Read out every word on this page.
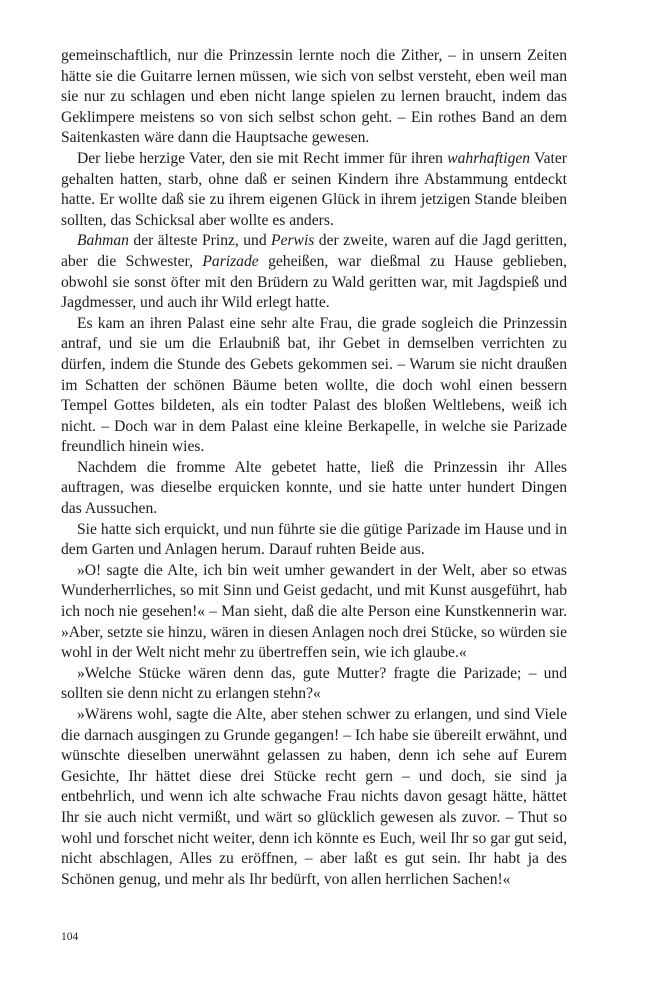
gemeinschaftlich, nur die Prinzessin lernte noch die Zither, – in unsern Zeiten hätte sie die Guitarre lernen müssen, wie sich von selbst versteht, eben weil man sie nur zu schlagen und eben nicht lange spielen zu lernen braucht, indem das Geklimpere meistens so von sich selbst schon geht. – Ein rothes Band an dem Saitenkasten wäre dann die Hauptsache gewesen.

Der liebe herzige Vater, den sie mit Recht immer für ihren wahrhaftigen Vater gehalten hatten, starb, ohne daß er seinen Kindern ihre Abstammung entdeckt hatte. Er wollte daß sie zu ihrem eigenen Glück in ihrem jetzigen Stande bleiben sollten, das Schicksal aber wollte es anders.

Bahman der älteste Prinz, und Perwis der zweite, waren auf die Jagd geritten, aber die Schwester, Parizade geheißen, war dießmal zu Hause geblieben, obwohl sie sonst öfter mit den Brüdern zu Wald geritten war, mit Jagdspieß und Jagdmesser, und auch ihr Wild erlegt hatte.

Es kam an ihren Palast eine sehr alte Frau, die grade sogleich die Prinzessin antraf, und sie um die Erlaubniß bat, ihr Gebet in demselben verrichten zu dürfen, indem die Stunde des Gebets gekommen sei. – Warum sie nicht draußen im Schatten der schönen Bäume beten wollte, die doch wohl einen bessern Tempel Gottes bildeten, als ein todter Palast des bloßen Weltlebens, weiß ich nicht. – Doch war in dem Palast eine kleine Berkapelle, in welche sie Parizade freundlich hinein wies.

Nachdem die fromme Alte gebetet hatte, ließ die Prinzessin ihr Alles auftragen, was dieselbe erquicken konnte, und sie hatte unter hundert Dingen das Aussuchen.

Sie hatte sich erquickt, und nun führte sie die gütige Parizade im Hause und in dem Garten und Anlagen herum. Darauf ruhten Beide aus.

»O! sagte die Alte, ich bin weit umher gewandert in der Welt, aber so etwas Wunderherrliches, so mit Sinn und Geist gedacht, und mit Kunst ausgeführt, hab ich noch nie gesehen!« – Man sieht, daß die alte Person eine Kunstkennerin war. »Aber, setzte sie hinzu, wären in diesen Anlagen noch drei Stücke, so würden sie wohl in der Welt nicht mehr zu übertreffen sein, wie ich glaube.«

»Welche Stücke wären denn das, gute Mutter? fragte die Parizade; – und sollten sie denn nicht zu erlangen stehn?«

»Wärens wohl, sagte die Alte, aber stehen schwer zu erlangen, und sind Viele die darnach ausgingen zu Grunde gegangen! – Ich habe sie übereilt erwähnt, und wünschte dieselben unerwähnt gelassen zu haben, denn ich sehe auf Eurem Gesichte, Ihr hättet diese drei Stücke recht gern – und doch, sie sind ja entbehrlich, und wenn ich alte schwache Frau nichts davon gesagt hätte, hättet Ihr sie auch nicht vermißt, und wärt so glücklich gewesen als zuvor. – Thut so wohl und forschet nicht weiter, denn ich könnte es Euch, weil Ihr so gar gut seid, nicht abschlagen, Alles zu eröffnen, – aber laßt es gut sein. Ihr habt ja des Schönen genug, und mehr als Ihr bedürft, von allen herrlichen Sachen!«

104
